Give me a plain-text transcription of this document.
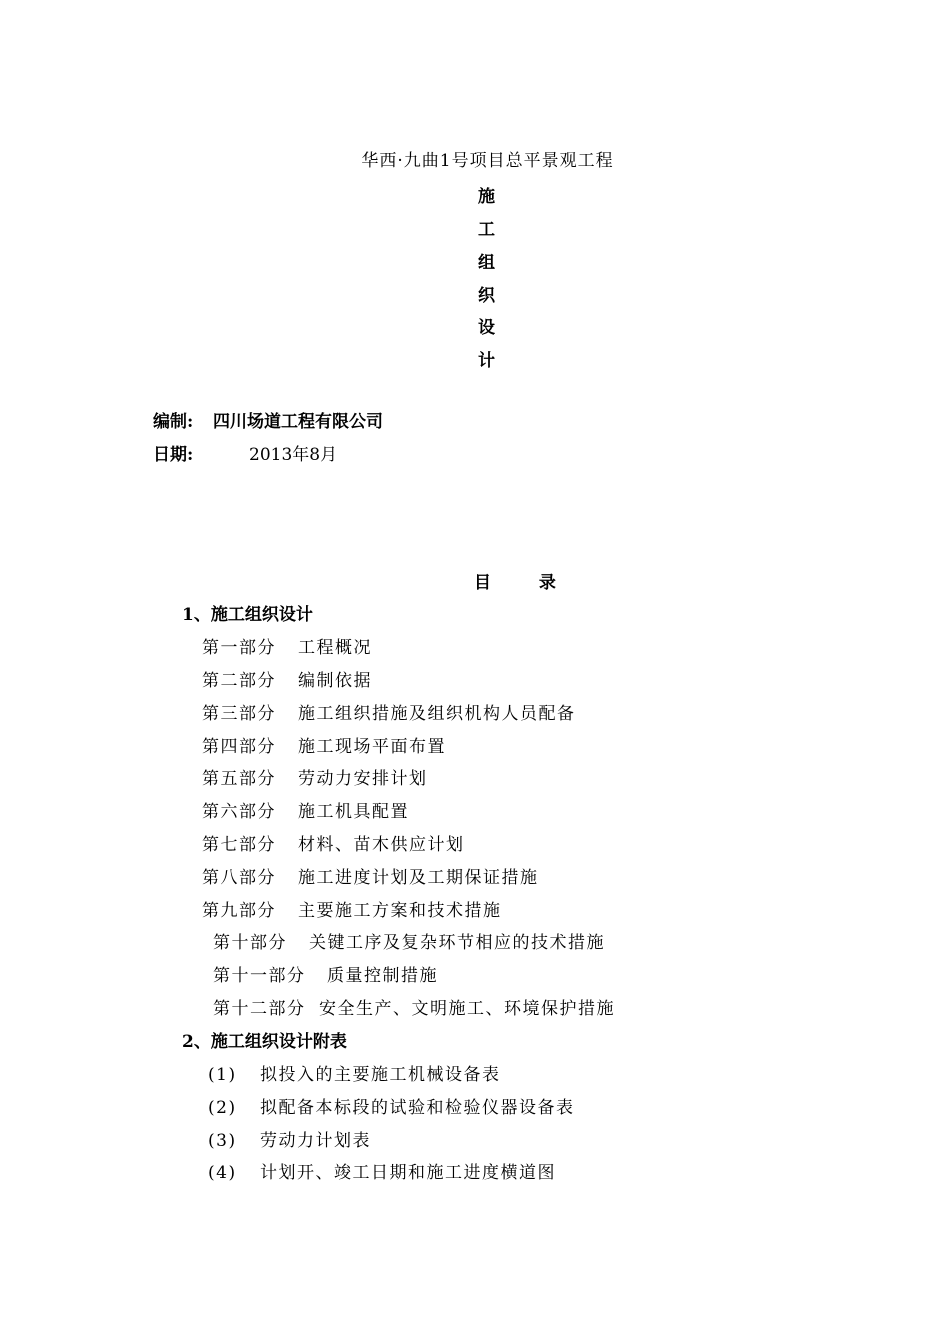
华西·九曲1号项目总平景观工程
施
工
组
织
设
计
编制: 四川场道工程有限公司
日期:	2013年8月
目	录
1、施工组织设计
第一部分 工程概况
第二部分 编制依据
第三部分 施工组织措施及组织机构人员配备
第四部分 施工现场平面布置
第五部分 劳动力安排计划
第六部分 施工机具配置
第七部分 材料、苗木供应计划
第八部分 施工进度计划及工期保证措施
第九部分 主要施工方案和技术措施
第十部分 关键工序及复杂环节相应的技术措施
第十一部分 质量控制措施
第十二部分 安全生产、文明施工、环境保护措施
2、施工组织设计附表
(1) 拟投入的主要施工机械设备表
(2) 拟配备本标段的试验和检验仪器设备表
(3) 劳动力计划表
(4) 计划开、竣工日期和施工进度横道图
